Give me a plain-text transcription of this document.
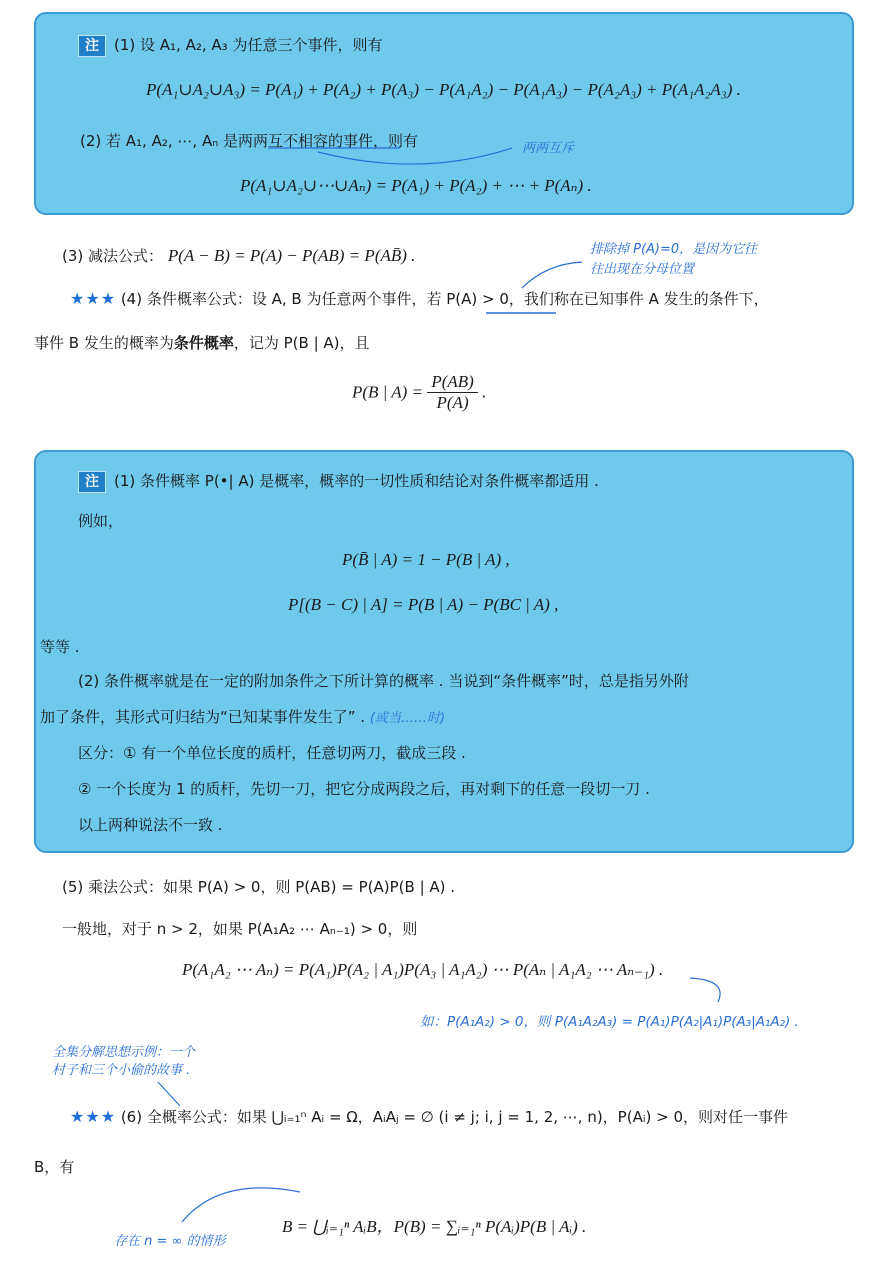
注 (1) 设 A₁, A₂, A₃ 为任意三个事件，则有
P(A₁∪A₂∪A₃) = P(A₁) + P(A₂) + P(A₃) − P(A₁A₂) − P(A₁A₃) − P(A₂A₃) + P(A₁A₂A₃) .
(2) 若 A₁, A₂, ⋯, Aₙ 是两两互不相容的事件，则有	两两互斥
P(A₁∪A₂∪⋯∪Aₙ) = P(A₁) + P(A₂) + ⋯ + P(Aₙ) .
(3) 减法公式： P(A − B) = P(A) − P(AB) = P(AB̄) .	排除掉 P(A)=0，是因为它往
往出现在分母位置
★★★ (4) 条件概率公式：设 A, B 为任意两个事件，若 P(A) > 0，我们称在已知事件 A 发生的条件下，
事件 B 发生的概率为条件概率，记为 P(B | A)，且
P(B | $A) = \frac{P(AB)}{P(A)}$ .
注 (1) 条件概率 P(•| A) 是概率，概率的一切性质和结论对条件概率都适用 .
例如，
P(B̄ | A) = 1 − P(B | A) ,
P[(B − C) | A] = P(B | A) − P(BC | A) ,
等等 .
(2) 条件概率就是在一定的附加条件之下所计算的概率 . 当说到“条件概率”时，总是指另外附
加了条件，其形式可归结为“已知某事件发生了” . (或当……时)
区分：① 有一个单位长度的质杆，任意切两刀，截成三段 .
② 一个长度为 1 的质杆，先切一刀，把它分成两段之后，再对剩下的任意一段切一刀 .
以上两种说法不一致 .
(5) 乘法公式：如果 P(A) > 0，则 P(AB) = P(A)P(B | A) .
一般地，对于 n > 2，如果 P(A₁A₂ ⋯ Aₙ₋₁) > 0，则
P(A₁A₂ ⋯ Aₙ) = P(A₁)P(A₂ | A₁)P(A₃ | A₁A₂) ⋯ P(Aₙ | A₁A₂ ⋯ Aₙ₋₁) .
如：P(A₁A₂) > 0，则 P(A₁A₂A₃) = P(A₁)P(A₂|A₁)P(A₃|A₁A₂) .
全集分解思想示例：一个
村子和三个小偷的故事 .
★★★ (6) 全概率公式：如果 ⋃ᵢ₌₁ⁿ Aᵢ = Ω，AᵢAⱼ = ∅ (i ≠ j; i, j = 1, 2, ⋯, n)，P(Aᵢ) > 0，则对任一事件
B，有
B = ⋃ᵢ₌₁ⁿ AᵢB，P(B) = ∑ᵢ₌₁ⁿ P(Aᵢ)P(B | Aᵢ) .
存在 n = ∞ 的情形
